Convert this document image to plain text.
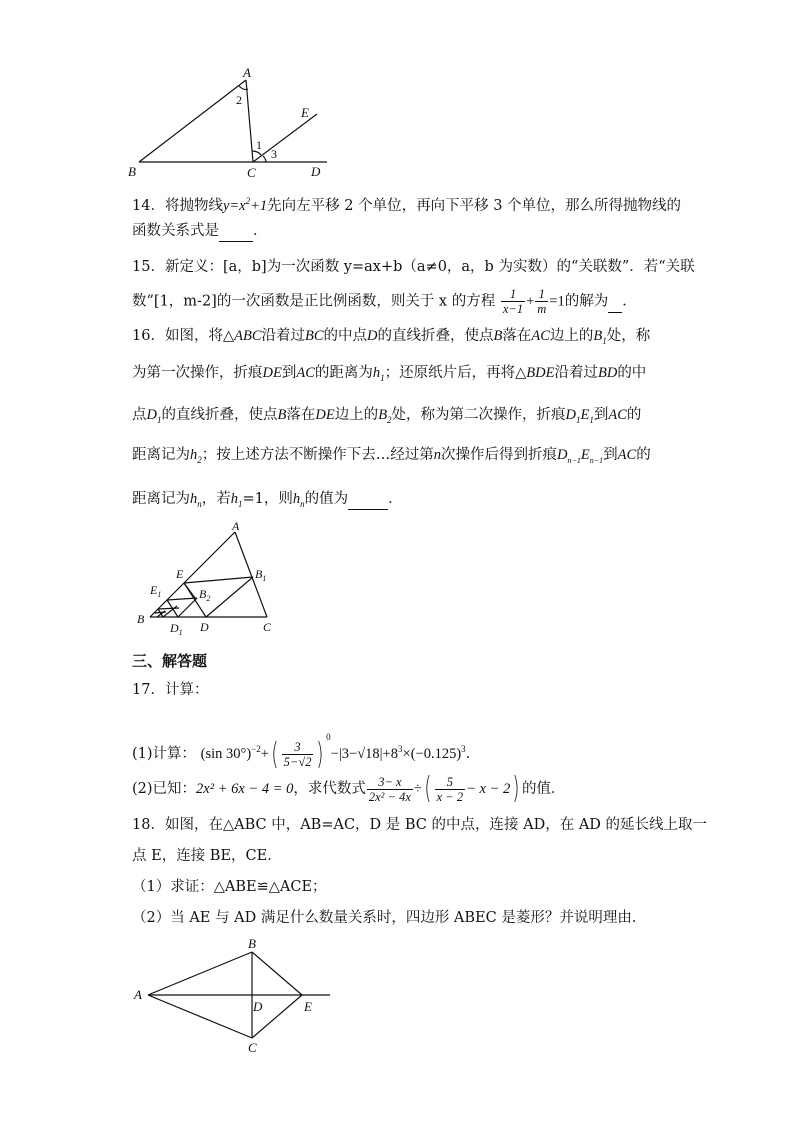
A
B	C	D
E
1
2
3
14．将抛物线$y=x^2+1$先向左平移 2 个单位，再向下平移 3 个单位，那么所得抛物线的
函数关系式是 ．
15．新定义：[a，b]为一次函数 y=ax+b（a≠0，a，b 为实数）的“关联数”．若“关联
数”[1，m-2]的一次函数是正比例函数，则关于 x 的方程 $\frac{1}{x-1} + \frac{1}{m} =1$的解为 ．
16．如图，将△ABC沿着过BC的中点D的直线折叠，使点B落在AC边上的$B_1$处，称
为第一次操作，折痕DE到AC的距离为$h_1$；还原纸片后，再将△BDE沿着过BD的中
点$D_1$的直线折叠，使点B落在DE边上的$B_2$处，称为第二次操作，折痕$D_1E_1$到AC的
距离记为$h_2$；按上述方法不断操作下去…经过第n次操作后得到折痕$D_{n-1}E_{n-1}$到AC的
距离记为$h_n$，若$h_1=1$，则$h_n$的值为	．
A
B
C
D
$D_1$
E
$E_1$
$B_1$
$B_2$
三、解答题
17．计算：
(1)计算： (sin $30^\circ)^{-2}+( \frac{3}{5-√2}$ ) $^0-|3-√18|+8^3\times(-0.125)^3$．
(2)已知：2x² + 6x − 4 = 0，求代数式 $\frac{3- x}{\text{2x² − 4x}}$ ÷( $\frac{5}{x - 2} - x - 2$) 的值．
18．如图，在△ABC 中，AB=AC，D 是 BC 的中点，连接 AD，在 AD 的延长线上取一
点 E，连接 BE，CE．
（1）求证：△ABE≌△ACE；
（2）当 AE 与 AD 满足什么数量关系时，四边形 ABEC 是菱形？并说明理由．
A
B
C
D	E
